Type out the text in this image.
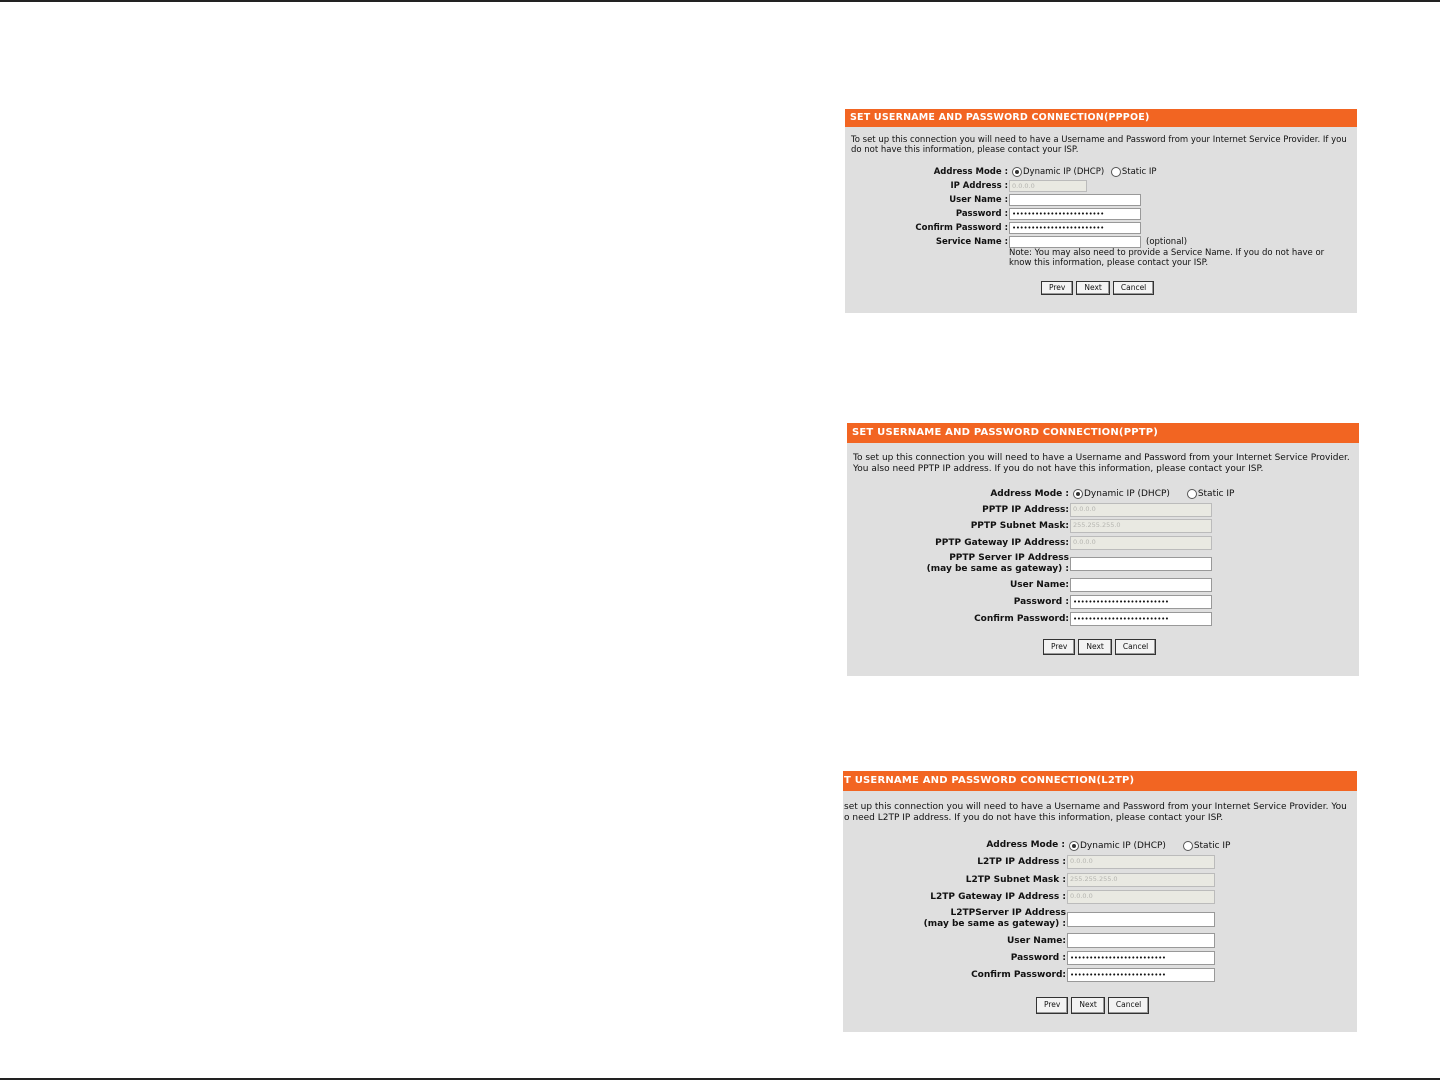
SET USERNAME AND PASSWORD CONNECTION(PPPOE)
To set up this connection you will need to have a Username and Password from your Internet Service Provider. If you do not have this information, please contact your ISP.
Address Mode :	Dynamic IP (DHCP) Static IP
IP Address : 0.0.0.0
User Name :
Password : ••••••••••••••••••••••••
Confirm Password : ••••••••••••••••••••••••
Service Name :	(optional)
Note: You may also need to provide a Service Name. If you do not have or know this information, please contact your ISP.
Prev	Next	Cancel
SET USERNAME AND PASSWORD CONNECTION(PPTP)
To set up this connection you will need to have a Username and Password from your Internet Service Provider. You also need PPTP IP address. If you do not have this information, please contact your ISP.
Address Mode :	Dynamic IP (DHCP)	Static IP
PPTP IP Address: 0.0.0.0
PPTP Subnet Mask: 255.255.255.0
PPTP Gateway IP Address: 0.0.0.0
PPTP Server IP Address
(may be same as gateway) :
User Name:
Password : •••••••••••••••••••••••••
Confirm Password: •••••••••••••••••••••••••
Prev	Next	Cancel
T USERNAME AND PASSWORD CONNECTION(L2TP)
set up this connection you will need to have a Username and Password from your Internet Service Provider. You o need L2TP IP address. If you do not have this information, please contact your ISP.
Address Mode :	Dynamic IP (DHCP)	Static IP
L2TP IP Address : 0.0.0.0
L2TP Subnet Mask : 255.255.255.0
L2TP Gateway IP Address : 0.0.0.0
L2TPServer IP Address
(may be same as gateway) :
User Name:
Password : •••••••••••••••••••••••••
Confirm Password: •••••••••••••••••••••••••
Prev	Next	Cancel
